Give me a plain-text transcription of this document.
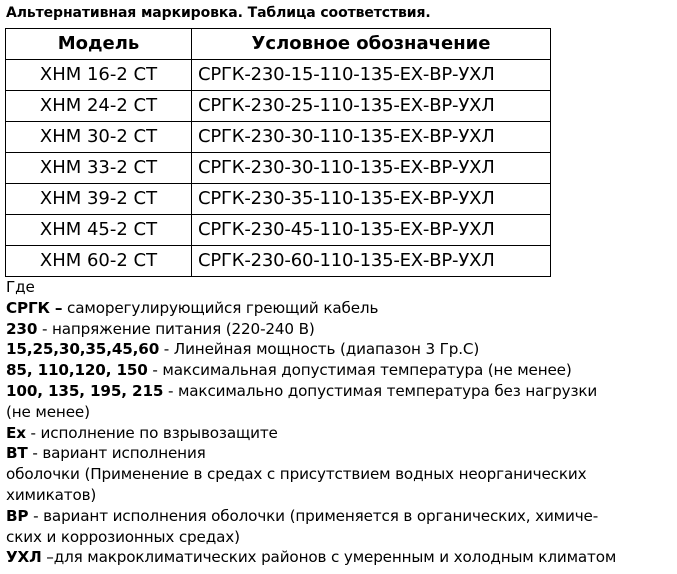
Альтернативная маркировка. Таблица соответствия.
Модель	Условное обозначение
ХНМ 16-2 СТ	СРГК-230-15-110-135-ЕХ-ВР-УХЛ
ХНМ 24-2 СТ	СРГК-230-25-110-135-ЕХ-ВР-УХЛ
ХНМ 30-2 СТ	СРГК-230-30-110-135-ЕХ-ВР-УХЛ
ХНМ 33-2 СТ	СРГК-230-30-110-135-ЕХ-ВР-УХЛ
ХНМ 39-2 СТ	СРГК-230-35-110-135-ЕХ-ВР-УХЛ
ХНМ 45-2 СТ	СРГК-230-45-110-135-ЕХ-ВР-УХЛ
ХНМ 60-2 СТ	СРГК-230-60-110-135-ЕХ-ВР-УХЛ
Где
СРГК – саморегулирующийся греющий кабель
230 - напряжение питания (220-240 В)
15,25,30,35,45,60 - Линейная мощность (диапазон 3 Гр.С)
85, 110,120, 150 - максимальная допустимая температура (не менее)
100, 135, 195, 215 - максимально допустимая температура без нагрузки
(не менее)
Ex - исполнение по взрывозащите
ВТ - вариант исполнения
оболочки (Применение в средах с присутствием водных неорганических
химикатов)
ВР - вариант исполнения оболочки (применяется в органических, химиче-
ских и коррозионных средах)
УХЛ –для макроклиматических районов с умеренным и холодным климатом
